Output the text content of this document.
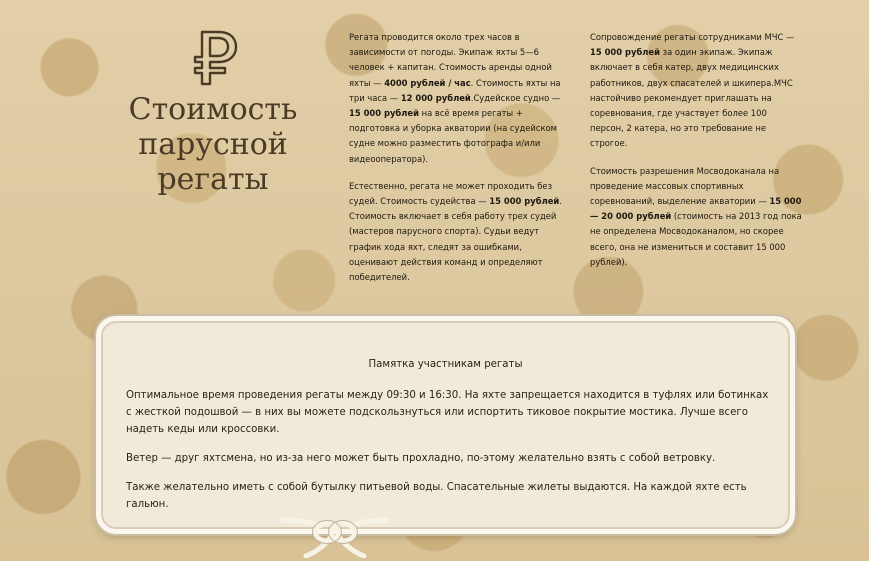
Стоимость парусной регаты

Регата проводится около трех часов в зависимости от погоды. Экипаж яхты 5—6 человек + капитан. Стоимость аренды одной яхты — 4000 рублей / час. Стоимость яхты на три часа — 12 000 рублей.Судейское судно — 15 000 рублей на всё время регаты + подготовка и уборка акватории (на судейском судне можно разместить фотографа и/или видеооператора).

Естественно, регата не может проходить без судей. Стоимость судейства — 15 000 рублей. Стоимость включает в себя работу трех судей (мастеров парусного спорта). Судьи ведут график хода яхт, следят за ошибками, оценивают действия команд и определяют победителей.

Сопровождение регаты сотрудниками МЧС — 15 000 рублей за один экипаж. Экипаж включает в себя катер, двух медицинских работников, двух спасателей и шкипера.МЧС настойчиво рекомендует приглашать на соревнования, где участвует более 100 персон, 2 катера, но это требование не строгое.

Стоимость разрешения Мосводоканала на проведение массовых спортивных соревнований, выделение акватории — 15 000 — 20 000 рублей (стоимость на 2013 год пока не определена Мосводоканалом, но скорее всего, она не измениться и составит 15 000 рублей).

Памятка участникам регаты

Оптимальное время проведения регаты между 09:30 и 16:30. На яхте запрещается находится в туфлях или ботинках с жесткой подошвой — в них вы можете подскользнуться или испортить тиковое покрытие мостика. Лучше всего надеть кеды или кроссовки.

Ветер — друг яхтсмена, но из-за него может быть прохладно, по-этому желательно взять с собой ветровку.

Также желательно иметь с собой бутылку питьевой воды. Спасательные жилеты выдаются. На каждой яхте есть гальюн.
